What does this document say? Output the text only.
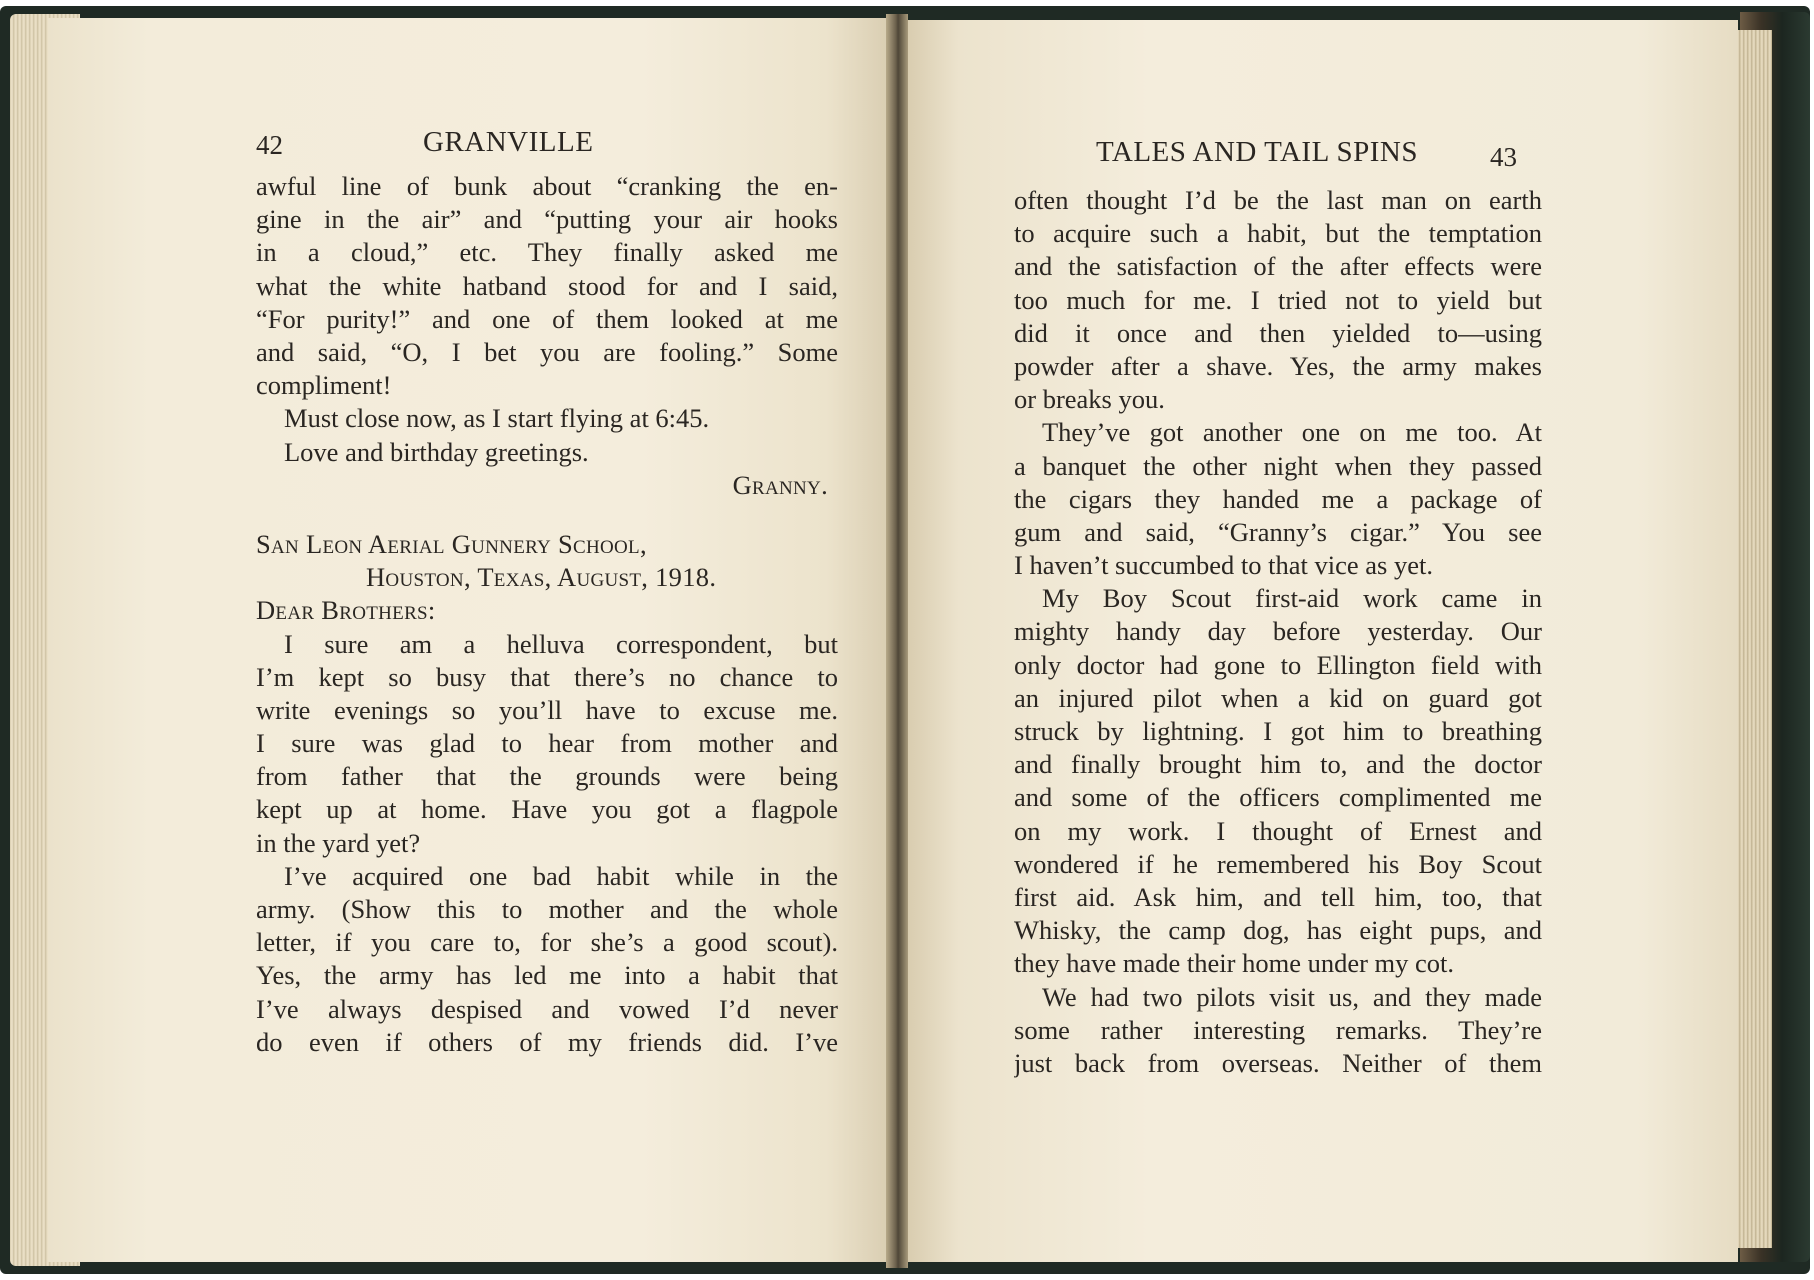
42	GRANVILLE
awful line of bunk about “cranking the en-
gine in the air” and “putting your air hooks
in a cloud,” etc. They finally asked me
what the white hatband stood for and I said,
“For purity!” and one of them looked at me
and said, “O, I bet you are fooling.” Some
compliment!
Must close now, as I start flying at 6:45.
Love and birthday greetings.
Granny.
San Leon Aerial Gunnery School,
Houston, Texas, August, 1918.
Dear Brothers:
I sure am a helluva correspondent, but
I’m kept so busy that there’s no chance to
write evenings so you’ll have to excuse me.
I sure was glad to hear from mother and
from father that the grounds were being
kept up at home. Have you got a flagpole
in the yard yet?
I’ve acquired one bad habit while in the
army. (Show this to mother and the whole
letter, if you care to, for she’s a good scout).
Yes, the army has led me into a habit that
I’ve always despised and vowed I’d never
do even if others of my friends did. I’ve
TALES AND TAIL SPINS	43
often thought I’d be the last man on earth
to acquire such a habit, but the temptation
and the satisfaction of the after effects were
too much for me. I tried not to yield but
did it once and then yielded to—using
powder after a shave. Yes, the army makes
or breaks you.
They’ve got another one on me too. At
a banquet the other night when they passed
the cigars they handed me a package of
gum and said, “Granny’s cigar.” You see
I haven’t succumbed to that vice as yet.
My Boy Scout first-aid work came in
mighty handy day before yesterday. Our
only doctor had gone to Ellington field with
an injured pilot when a kid on guard got
struck by lightning. I got him to breathing
and finally brought him to, and the doctor
and some of the officers complimented me
on my work. I thought of Ernest and
wondered if he remembered his Boy Scout
first aid. Ask him, and tell him, too, that
Whisky, the camp dog, has eight pups, and
they have made their home under my cot.
We had two pilots visit us, and they made
some rather interesting remarks. They’re
just back from overseas. Neither of them
